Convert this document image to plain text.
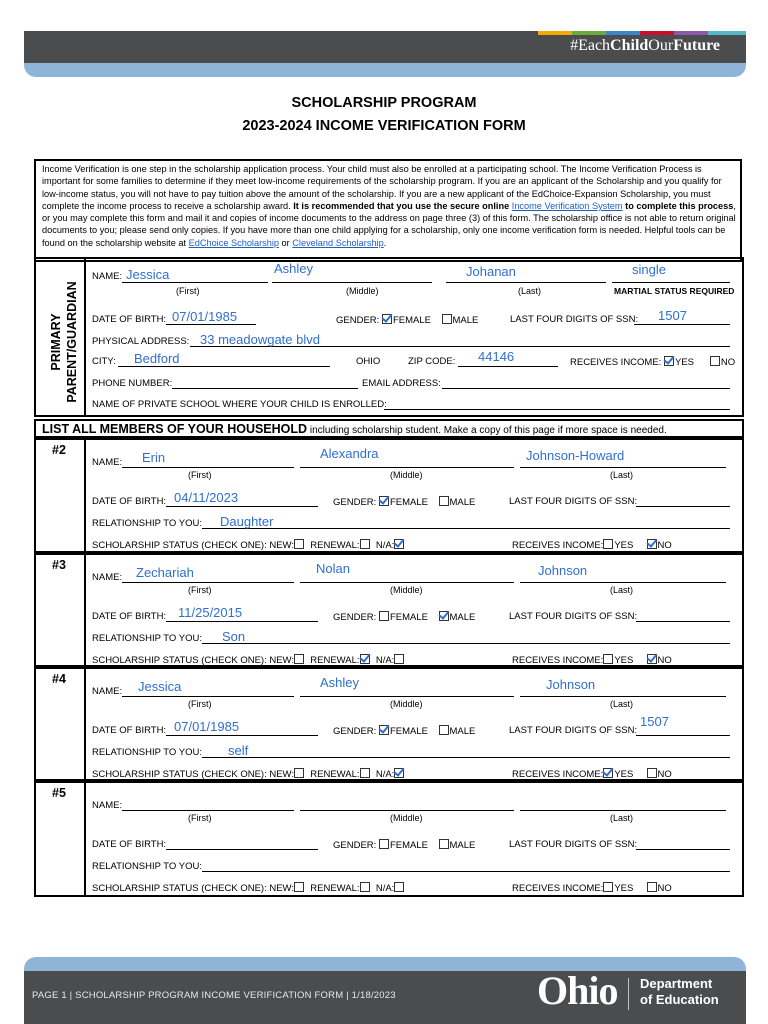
#EachChildOurFuture
SCHOLARSHIP PROGRAM
2023-2024 INCOME VERIFICATION FORM
Income Verification is one step in the scholarship application process. Your child must also be enrolled at a participating school. The Income Verification Process is important for some families to determine if they meet low-income requirements of the scholarship program. If you are an applicant of the Scholarship and you qualify for low-income status, you will not have to pay tuition above the amount of the scholarship. If you are a new applicant of the EdChoice-Expansion Scholarship, you must complete the income process to receive a scholarship award. It is recommended that you use the secure online Income Verification System to complete this process, or you may complete this form and mail it and copies of income documents to the address on page three (3) of this form. The scholarship office is not able to return original documents to you; please send only copies. If you have more than one child applying for a scholarship, only one income verification form is needed. Helpful tools can be found on the scholarship website at EdChoice Scholarship or Cleveland Scholarship.
PRIMARY PARENT/GUARDIAN
NAME: Jessica	Ashley	Johanan	single
(First)	(Middle)	(Last)	MARTIAL STATUS REQUIRED
DATE OF BIRTH: 07/01/1985	GENDER: FEMALE MALE	LAST FOUR DIGITS OF SSN: 1507
PHYSICAL ADDRESS: 33 meadowgate blvd
CITY: Bedford	OHIO	ZIP CODE: 44146	RECEIVES INCOME: YES	NO
PHONE NUMBER:	EMAIL ADDRESS:
NAME OF PRIVATE SCHOOL WHERE YOUR CHILD IS ENROLLED:
LIST ALL MEMBERS OF YOUR HOUSEHOLD including scholarship student. Make a copy of this page if more space is needed.
#2
NAME: Erin	Alexandra	Johnson-Howard
(First)	(Middle)	(Last)
DATE OF BIRTH: 04/11/2023	GENDER: FEMALE MALE	LAST FOUR DIGITS OF SSN:
RELATIONSHIP TO YOU: Daughter
SCHOLARSHIP STATUS (CHECK ONE): NEW: RENEWAL: N/A:	RECEIVES INCOME: YES	NO
#3
NAME: Zechariah	Nolan	Johnson
(First)	(Middle)	(Last)
DATE OF BIRTH: 11/25/2015	GENDER: FEMALE MALE	LAST FOUR DIGITS OF SSN:
RELATIONSHIP TO YOU: Son
SCHOLARSHIP STATUS (CHECK ONE): NEW: RENEWAL: N/A:	RECEIVES INCOME: YES	NO
#4
NAME: Jessica	Ashley	Johnson
(First)	(Middle)	(Last)
DATE OF BIRTH: 07/01/1985	GENDER: FEMALE MALE	LAST FOUR DIGITS OF SSN:
1507
RELATIONSHIP TO YOU: self
SCHOLARSHIP STATUS (CHECK ONE): NEW: RENEWAL: N/A:	RECEIVES INCOME: YES	NO
#5
NAME:
(First)	(Middle)	(Last)
DATE OF BIRTH:	GENDER: FEMALE MALE	LAST FOUR DIGITS OF SSN:
RELATIONSHIP TO YOU:
SCHOLARSHIP STATUS (CHECK ONE): NEW: RENEWAL: N/A:	RECEIVES INCOME: YES	NO
PAGE 1 | SCHOLARSHIP PROGRAM INCOME VERIFICATION FORM | 1/18/2023	Ohio Department
of Education
